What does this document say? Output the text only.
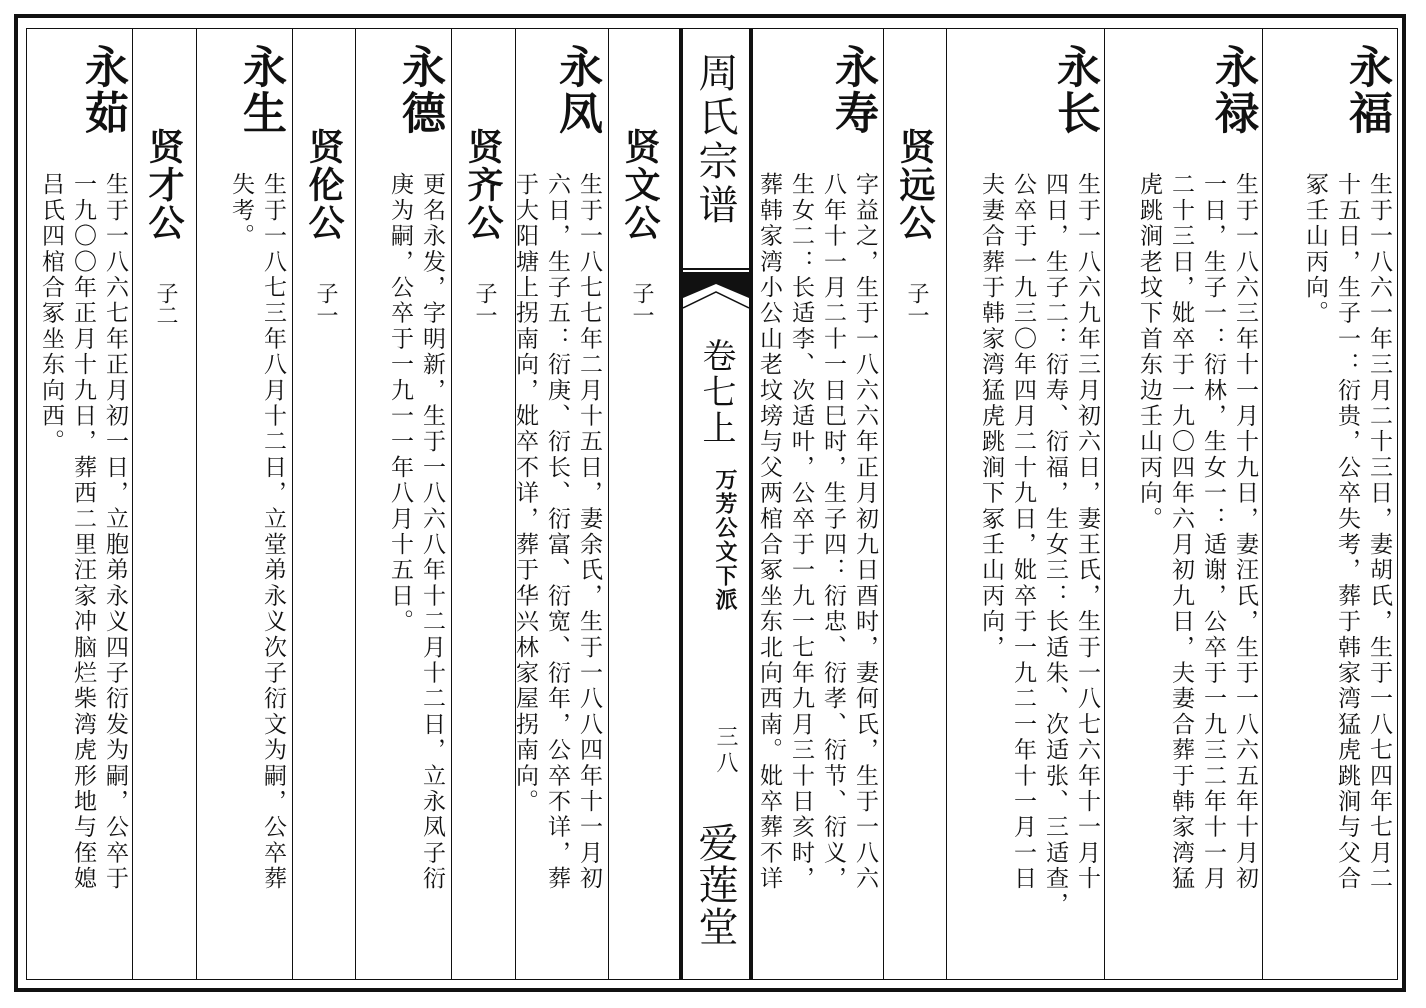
周氏宗谱
卷七上
万芳公文下派
三八
爱莲堂
永福
生于一八六一年三月二十三日，妻胡氏，生于一八七四年七月二
十五日，生子一：衍贵，公卒失考，葬于韩家湾猛虎跳涧与父合
冢壬山丙向。
永禄
生于一八六三年十一月十九日，妻汪氏，生于一八六五年十月初
一日，生子一：衍林，生女一：适谢，公卒于一九三二年十一月
二十三日，妣卒于一九〇四年六月初九日，夫妻合葬于韩家湾猛
虎跳涧老坟下首东边壬山丙向。
永长
生于一八六九年三月初六日，妻王氏，生于一八七六年十一月十
四日，生子二：衍寿、衍福，生女三：长适朱、次适张、三适查，
公卒于一九三〇年四月二十九日，妣卒于一九二一年十一月一日
夫妻合葬于韩家湾猛虎跳涧下冢壬山丙向，
贤远公
子一
永寿
字益之，生于一八六六年正月初九日酉时，妻何氏，生于一八六
八年十一月二十一日巳时，生子四：衍忠、衍孝、衍节、衍义，
生女二：长适李、次适叶，公卒于一九一七年九月三十日亥时，
葬韩家湾小公山老坟塝与父两棺合冢坐东北向西南。妣卒葬不详
贤文公
子一
永凤
生于一八七七年二月十五日，妻余氏，生于一八八四年十一月初
六日，生子五：衍庚、衍长、衍富、衍宽、衍年，公卒不详，葬
于大阳塘上拐南向，妣卒不详，葬于华兴林家屋拐南向。
贤齐公
子一
永德
更名永发，字明新，生于一八六八年十二月十二日，立永凤子衍
庚为嗣，公卒于一九一一年八月十五日。
贤伦公
子一
永生
生于一八七三年八月十二日，立堂弟永义次子衍文为嗣，公卒葬
失考。
贤才公
子二
永茹
生于一八六七年正月初一日，立胞弟永义四子衍发为嗣，公卒于
一九〇〇年正月十九日，葬西二里汪家冲脑烂柴湾虎形地与侄媳
吕氏四棺合冢坐东向西。
